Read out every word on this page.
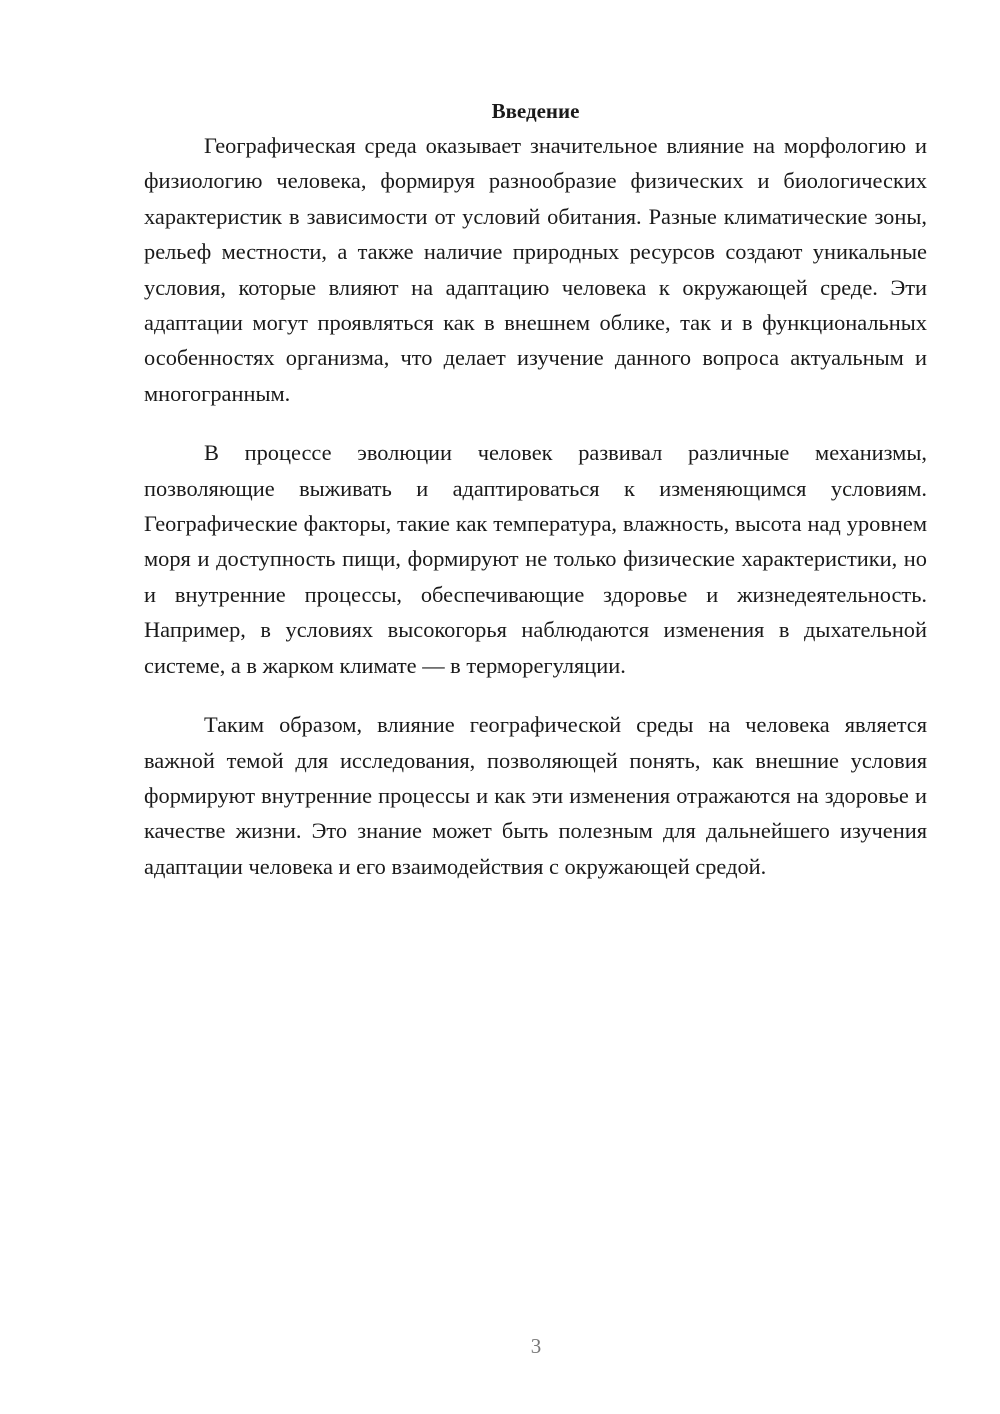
Введение

Географическая среда оказывает значительное влияние на морфологию и физиологию человека, формируя разнообразие физических и биологических характеристик в зависимости от условий обитания. Разные климатические зоны, рельеф местности, а также наличие природных ресурсов создают уникальные условия, которые влияют на адаптацию человека к окружающей среде. Эти адаптации могут проявляться как в внешнем облике, так и в функциональных особенностях организма, что делает изучение данного вопроса актуальным и многогранным.

В процессе эволюции человек развивал различные механизмы, позволяющие выживать и адаптироваться к изменяющимся условиям. Географические факторы, такие как температура, влажность, высота над уровнем моря и доступность пищи, формируют не только физические характеристики, но и внутренние процессы, обеспечивающие здоровье и жизнедеятельность. Например, в условиях высокогорья наблюдаются изменения в дыхательной системе, а в жарком климате — в терморегуляции.

Таким образом, влияние географической среды на человека является важной темой для исследования, позволяющей понять, как внешние условия формируют внутренние процессы и как эти изменения отражаются на здоровье и качестве жизни. Это знание может быть полезным для дальнейшего изучения адаптации человека и его взаимодействия с окружающей средой.

3
